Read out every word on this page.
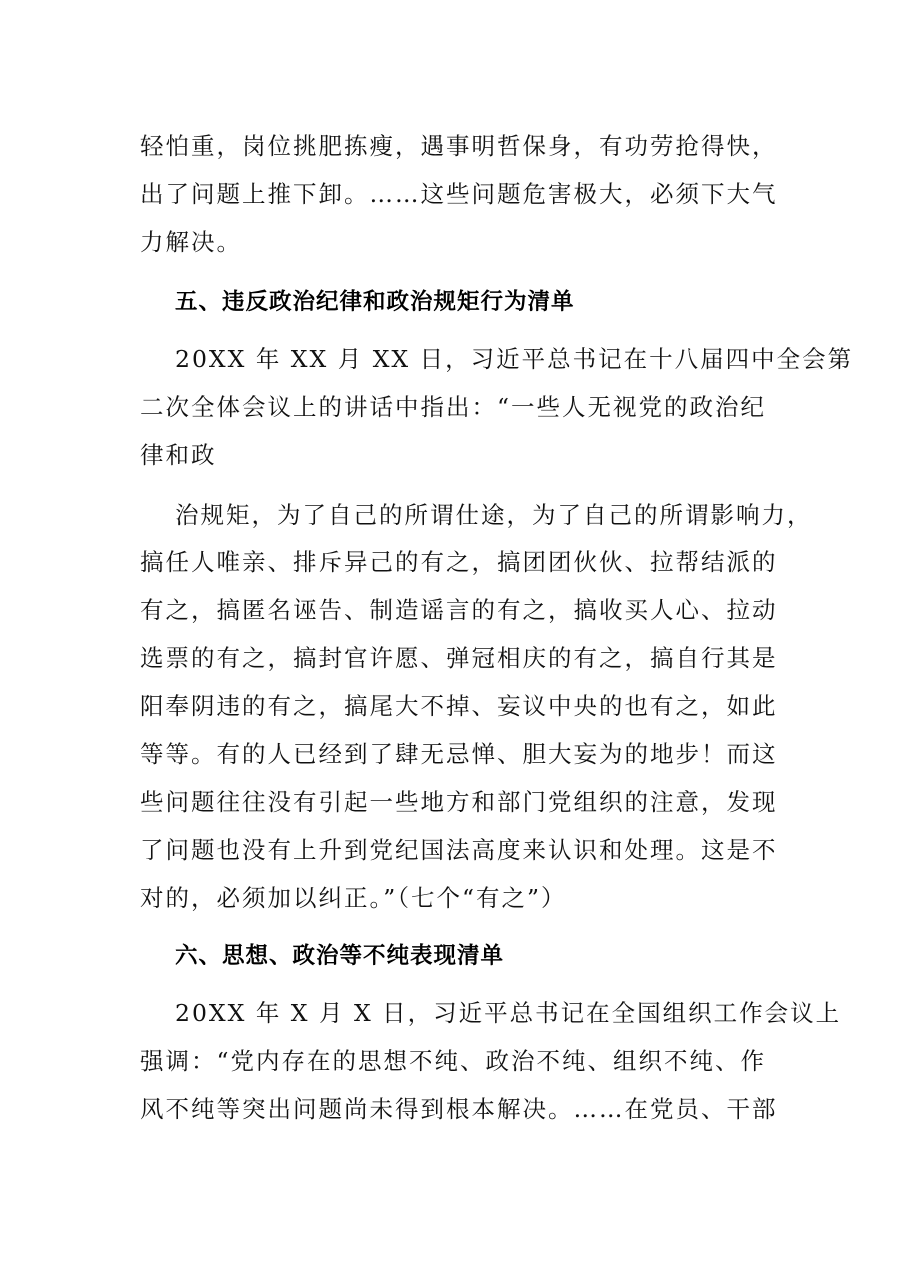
轻怕重，岗位挑肥拣瘦，遇事明哲保身，有功劳抢得快，
出了问题上推下卸。……这些问题危害极大，必须下大气
力解决。
五、违反政治纪律和政治规矩行为清单
20XX 年 XX 月 XX 日，习近平总书记在十八届四中全会第
二次全体会议上的讲话中指出：“一些人无视党的政治纪
律和政
治规矩，为了自己的所谓仕途，为了自己的所谓影响力，
搞任人唯亲、排斥异己的有之，搞团团伙伙、拉帮结派的
有之，搞匿名诬告、制造谣言的有之，搞收买人心、拉动
选票的有之，搞封官许愿、弹冠相庆的有之，搞自行其是
阳奉阴违的有之，搞尾大不掉、妄议中央的也有之，如此
等等。有的人已经到了肆无忌惮、胆大妄为的地步！而这
些问题往往没有引起一些地方和部门党组织的注意，发现
了问题也没有上升到党纪国法高度来认识和处理。这是不
对的，必须加以纠正。”（七个“有之”）
六、思想、政治等不纯表现清单
20XX 年 X 月 X 日，习近平总书记在全国组织工作会议上
强调：“党内存在的思想不纯、政治不纯、组织不纯、作
风不纯等突出问题尚未得到根本解决。……在党员、干部
